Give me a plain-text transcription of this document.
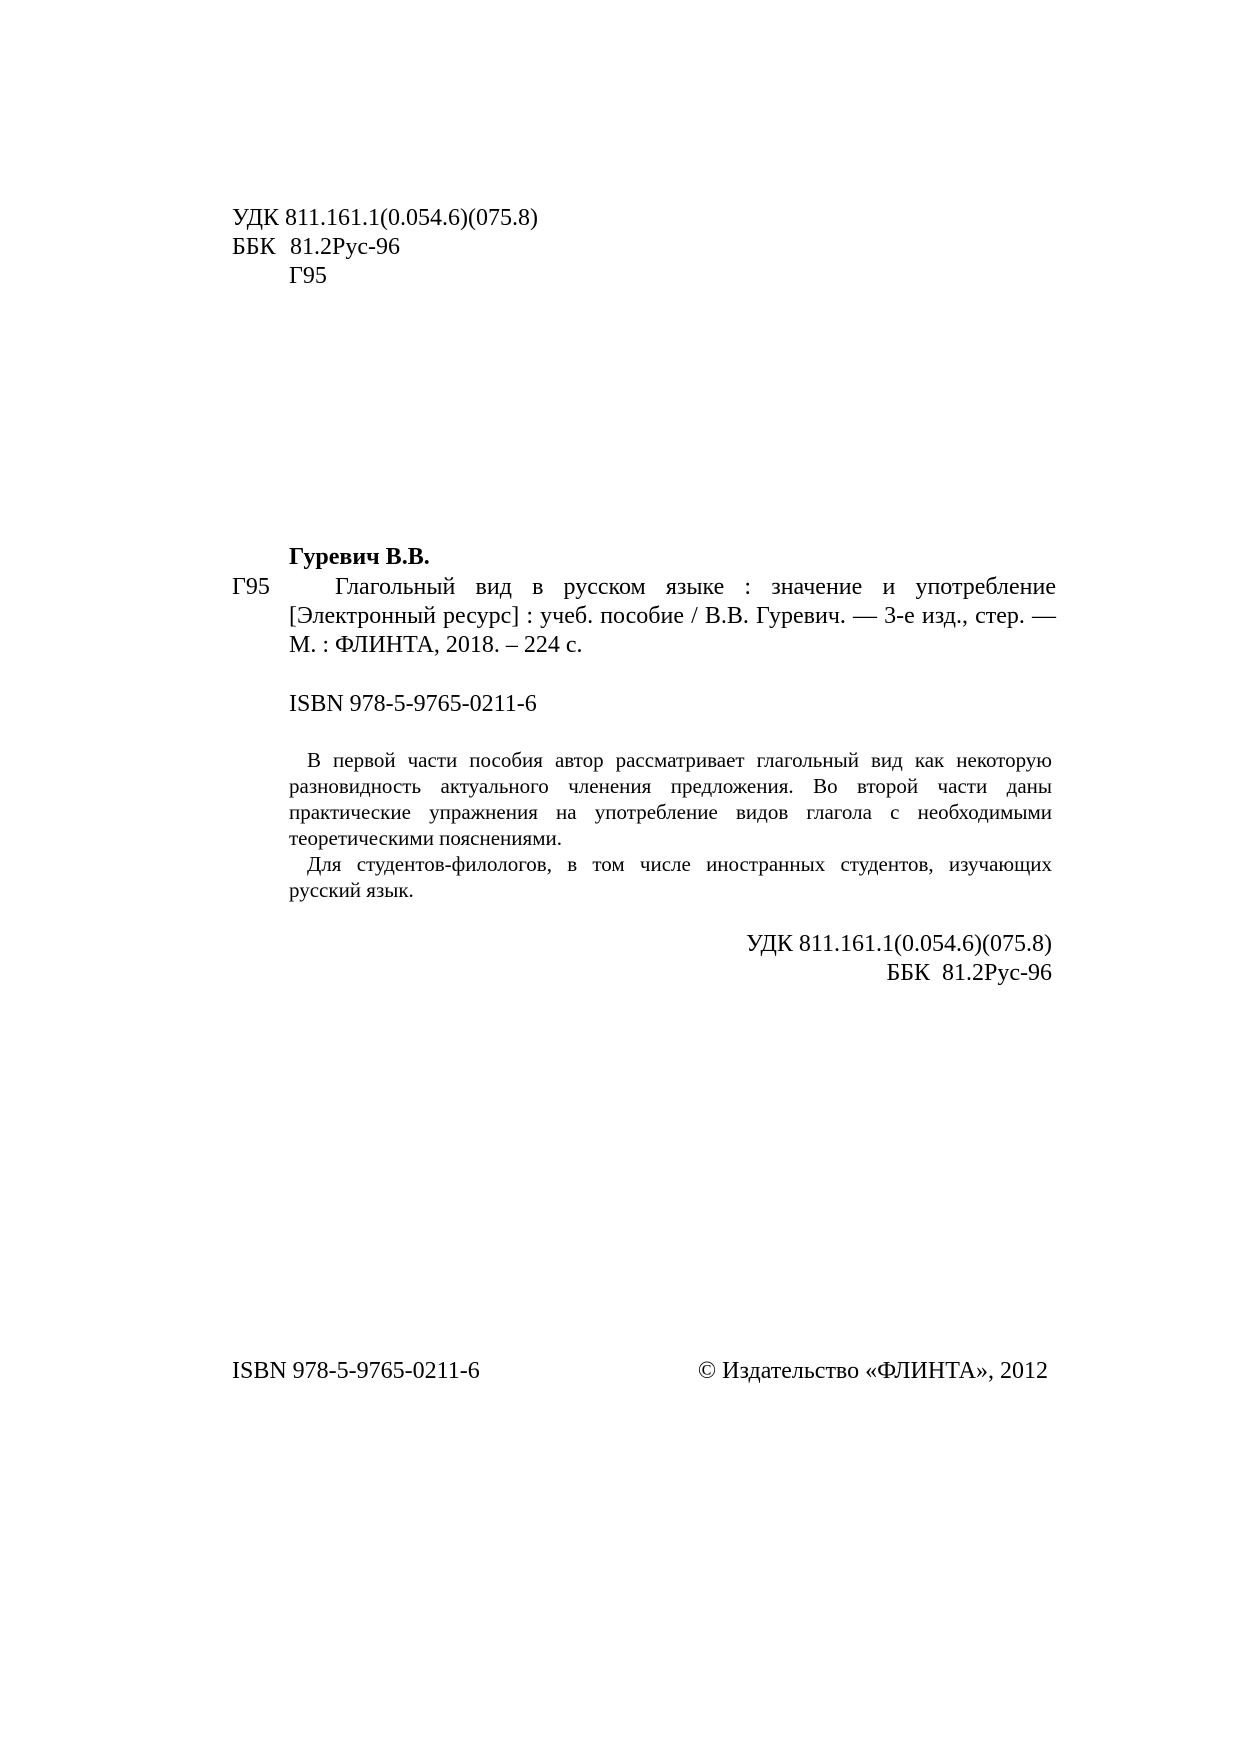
УДК 811.161.1(0.054.6)(075.8)
ББК 81.2Рус-96
Г95
Гуревич В.В.
Г95	Глагольный вид в русском языке : значение и употребление [Электронный ресурс] : учеб. пособие / В.В. Гуревич. — 3-е изд., стер. — М. : ФЛИНТА, 2018. – 224 с.

ISBN 978-5-9765-0211-6

В первой части пособия автор рассматривает глагольный вид как некоторую разновидность актуального членения предложения. Во второй части даны практические упражнения на употребление видов глагола с необходимыми теоретическими пояснениями.

Для студентов-филологов, в том числе иностранных студентов, изучающих русский язык.

УДК 811.161.1(0.054.6)(075.8)
ББК  81.2Рус-96
ISBN 978-5-9765-0211-6	© Издательство «ФЛИНТА», 2012
